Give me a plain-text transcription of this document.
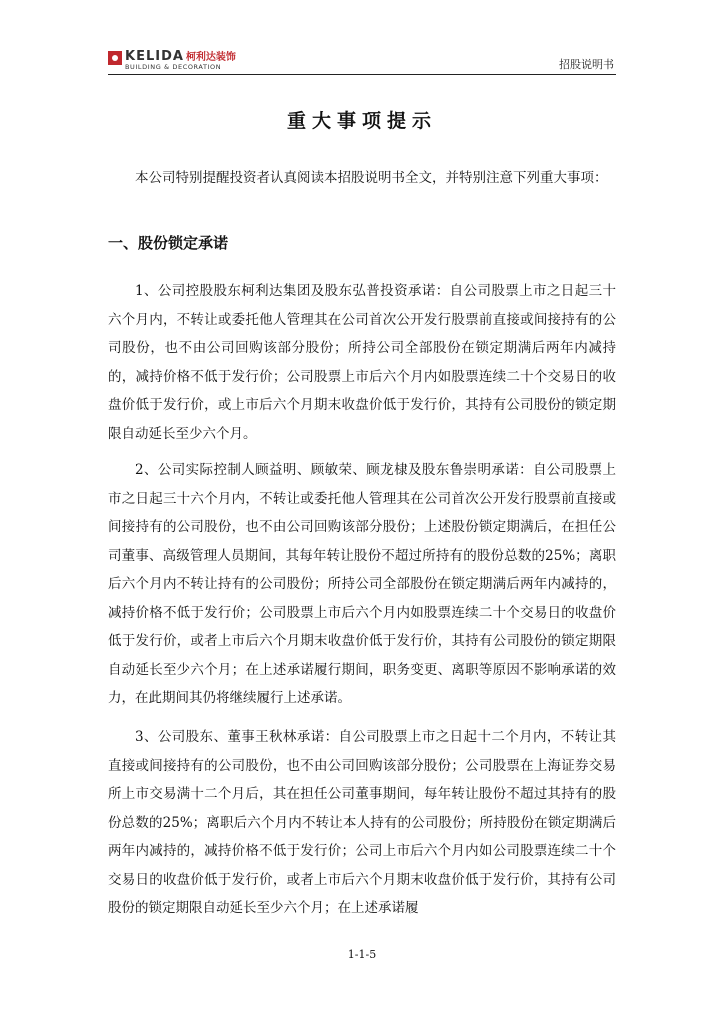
KELIDA 柯利达装饰
BUILDING & DECORATION	招股说明书
重大事项提示

本公司特别提醒投资者认真阅读本招股说明书全文，并特别注意下列重大事项：

一、股份锁定承诺

1、公司控股股东柯利达集团及股东弘普投资承诺：自公司股票上市之日起三十六个月内，不转让或委托他人管理其在公司首次公开发行股票前直接或间接持有的公司股份，也不由公司回购该部分股份；所持公司全部股份在锁定期满后两年内减持的，减持价格不低于发行价；公司股票上市后六个月内如股票连续二十个交易日的收盘价低于发行价，或上市后六个月期末收盘价低于发行价，其持有公司股份的锁定期限自动延长至少六个月。

2、公司实际控制人顾益明、顾敏荣、顾龙棣及股东鲁崇明承诺：自公司股票上市之日起三十六个月内，不转让或委托他人管理其在公司首次公开发行股票前直接或间接持有的公司股份，也不由公司回购该部分股份；上述股份锁定期满后，在担任公司董事、高级管理人员期间，其每年转让股份不超过所持有的股份总数的25%；离职后六个月内不转让持有的公司股份；所持公司全部股份在锁定期满后两年内减持的，减持价格不低于发行价；公司股票上市后六个月内如股票连续二十个交易日的收盘价低于发行价，或者上市后六个月期末收盘价低于发行价，其持有公司股份的锁定期限自动延长至少六个月；在上述承诺履行期间，职务变更、离职等原因不影响承诺的效力，在此期间其仍将继续履行上述承诺。

3、公司股东、董事王秋林承诺：自公司股票上市之日起十二个月内，不转让其直接或间接持有的公司股份，也不由公司回购该部分股份；公司股票在上海证券交易所上市交易满十二个月后，其在担任公司董事期间，每年转让股份不超过其持有的股份总数的25%；离职后六个月内不转让本人持有的公司股份；所持股份在锁定期满后两年内减持的，减持价格不低于发行价；公司上市后六个月内如公司股票连续二十个交易日的收盘价低于发行价，或者上市后六个月期末收盘价低于发行价，其持有公司股份的锁定期限自动延长至少六个月；在上述承诺履

1-1-5
